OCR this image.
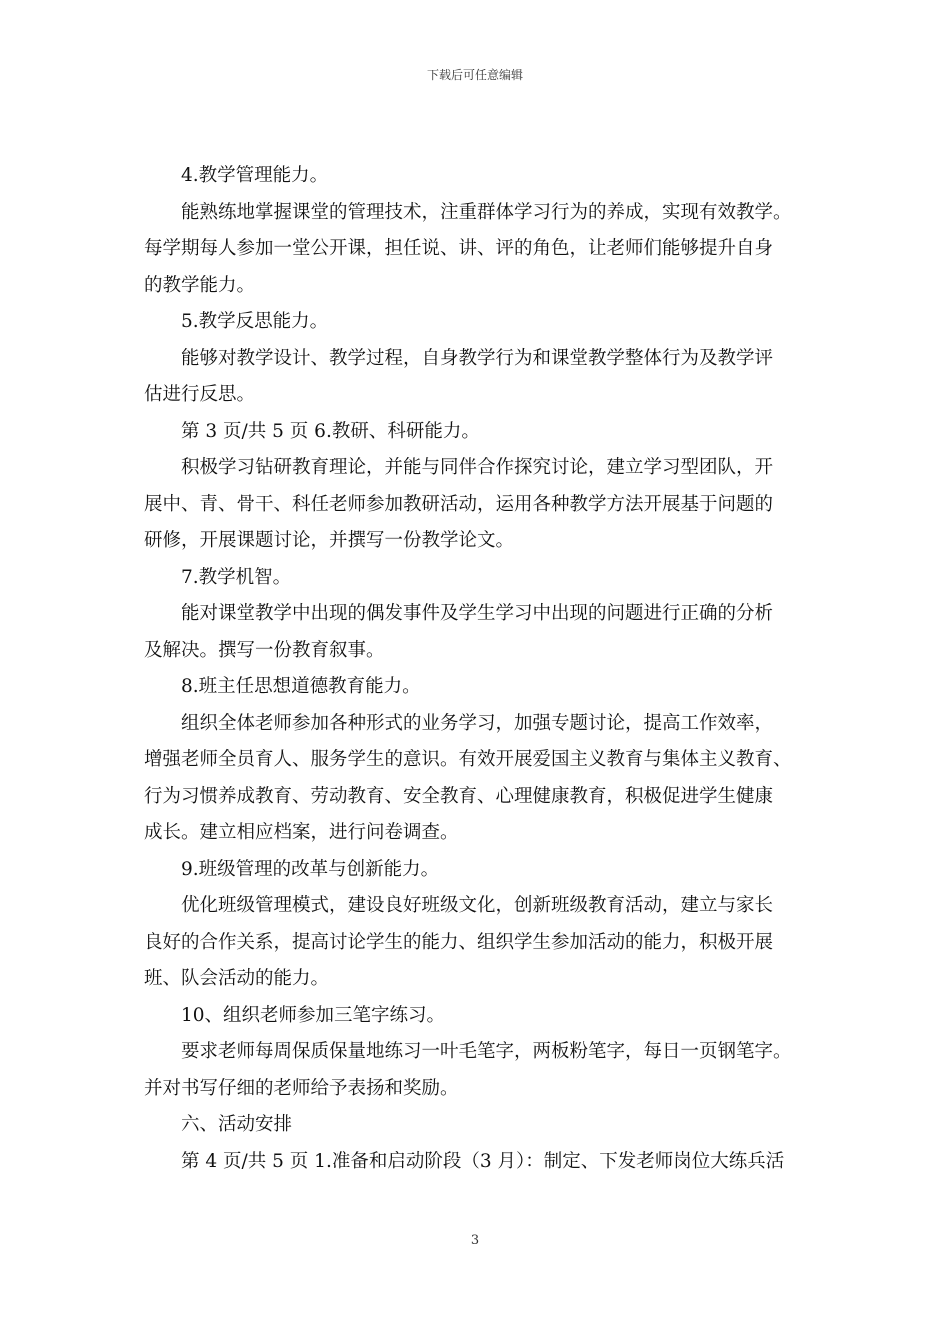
下载后可任意编辑
4.教学管理能力。
能熟练地掌握课堂的管理技术，注重群体学习行为的养成，实现有效教学。
每学期每人参加一堂公开课，担任说、讲、评的角色，让老师们能够提升自身
的教学能力。
5.教学反思能力。
能够对教学设计、教学过程，自身教学行为和课堂教学整体行为及教学评
估进行反思。
第 3 页/共 5 页 6.教研、科研能力。
积极学习钻研教育理论，并能与同伴合作探究讨论，建立学习型团队，开
展中、青、骨干、科任老师参加教研活动，运用各种教学方法开展基于问题的
研修，开展课题讨论，并撰写一份教学论文。
7.教学机智。
能对课堂教学中出现的偶发事件及学生学习中出现的问题进行正确的分析
及解决。撰写一份教育叙事。
8.班主任思想道德教育能力。
组织全体老师参加各种形式的业务学习，加强专题讨论，提高工作效率，
增强老师全员育人、服务学生的意识。有效开展爱国主义教育与集体主义教育、
行为习惯养成教育、劳动教育、安全教育、心理健康教育，积极促进学生健康
成长。建立相应档案，进行问卷调查。
9.班级管理的改革与创新能力。
优化班级管理模式，建设良好班级文化，创新班级教育活动，建立与家长
良好的合作关系，提高讨论学生的能力、组织学生参加活动的能力，积极开展
班、队会活动的能力。
10、组织老师参加三笔字练习。
要求老师每周保质保量地练习一叶毛笔字，两板粉笔字，每日一页钢笔字。
并对书写仔细的老师给予表扬和奖励。
六、活动安排
第 4 页/共 5 页 1.准备和启动阶段（3 月）：制定、下发老师岗位大练兵活
3
